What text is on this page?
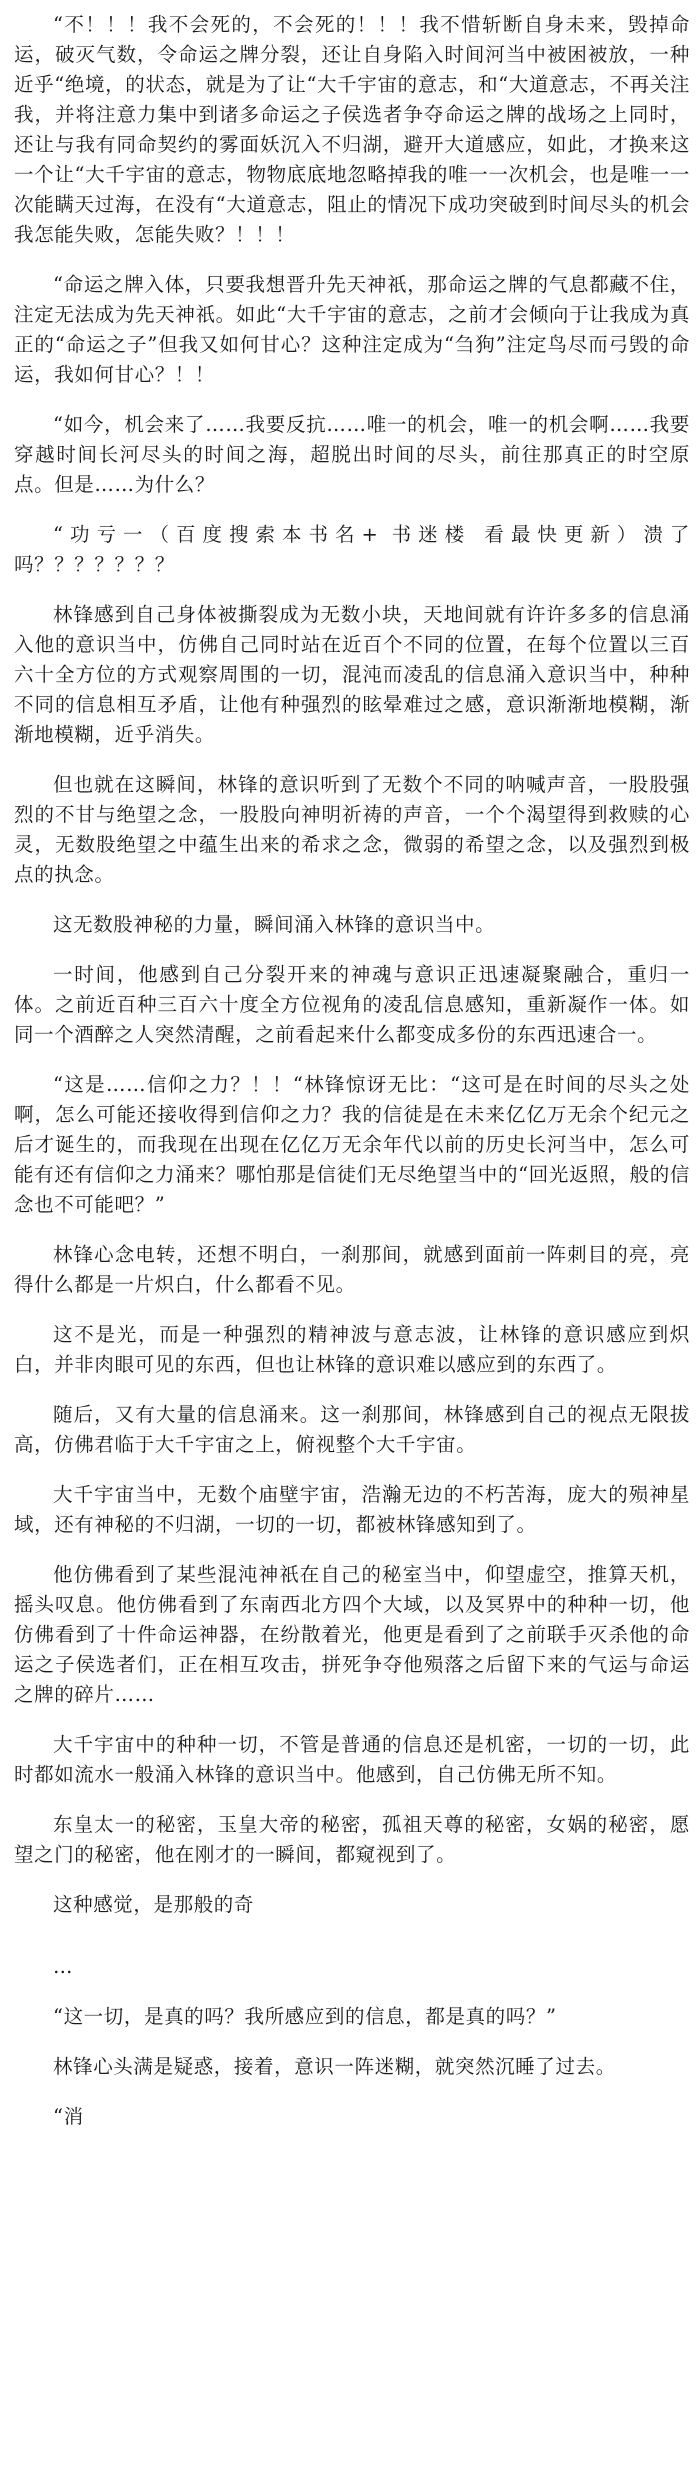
“不！！！我不会死的，不会死的！！！我不惜斩断自身未来，毁掉命运，破灭气数，令命运之牌分裂，还让自身陷入时间河当中被困被放，一种近乎“绝境，的状态，就是为了让“大千宇宙的意志，和“大道意志，不再关注我，并将注意力集中到诸多命运之子侯选者争夺命运之牌的战场之上同时，还让与我有同命契约的雾面妖沉入不归湖，避开大道感应，如此，才换来这一个让“大千宇宙的意志，物物底底地忽略掉我的唯一一次机会，也是唯一一次能瞒天过海，在没有“大道意志，阻止的情况下成功突破到时间尽头的机会我怎能失败，怎能失败？！！！

“命运之牌入体，只要我想晋升先天神祇，那命运之牌的气息都藏不住，注定无法成为先天神祇。如此“大千宇宙的意志，之前才会倾向于让我成为真正的“命运之子”但我又如何甘心？这种注定成为“刍狗”注定鸟尽而弓毁的命运，我如何甘心？！！

“如今，机会来了……我要反抗……唯一的机会，唯一的机会啊……我要穿越时间长河尽头的时间之海，超脱出时间的尽头，前往那真正的时空原点。但是……为什么？

“功亏一（百度搜索本书名+ 书迷楼 看最快更新）溃了吗？？？？？？？

林锋感到自己身体被撕裂成为无数小块，天地间就有许许多多的信息涌入他的意识当中，仿佛自己同时站在近百个不同的位置，在每个位置以三百六十全方位的方式观察周围的一切，混沌而凌乱的信息涌入意识当中，种种不同的信息相互矛盾，让他有种强烈的眩晕难过之感，意识渐渐地模糊，渐渐地模糊，近乎消失。

但也就在这瞬间，林锋的意识听到了无数个不同的呐喊声音，一股股强烈的不甘与绝望之念，一股股向神明祈祷的声音，一个个渴望得到救赎的心灵，无数股绝望之中蕴生出来的希求之念，微弱的希望之念，以及强烈到极点的执念。

这无数股神秘的力量，瞬间涌入林锋的意识当中。

一时间，他感到自己分裂开来的神魂与意识正迅速凝聚融合，重归一体。之前近百种三百六十度全方位视角的凌乱信息感知，重新凝作一体。如同一个酒醉之人突然清醒，之前看起来什么都变成多份的东西迅速合一。

“这是……信仰之力？！！“林锋惊讶无比：“这可是在时间的尽头之处啊，怎么可能还接收得到信仰之力？我的信徒是在未来亿亿万无余个纪元之后才诞生的，而我现在出现在亿亿万无余年代以前的历史长河当中，怎么可能有还有信仰之力涌来？哪怕那是信徒们无尽绝望当中的“回光返照，般的信念也不可能吧？”

林锋心念电转，还想不明白，一刹那间，就感到面前一阵刺目的亮，亮得什么都是一片炽白，什么都看不见。

这不是光，而是一种强烈的精神波与意志波，让林锋的意识感应到炽白，并非肉眼可见的东西，但也让林锋的意识难以感应到的东西了。

随后，又有大量的信息涌来。这一刹那间，林锋感到自己的视点无限拔高，仿佛君临于大千宇宙之上，俯视整个大千宇宙。

大千宇宙当中，无数个庙壁宇宙，浩瀚无边的不朽苦海，庞大的殒神星域，还有神秘的不归湖，一切的一切，都被林锋感知到了。

他仿佛看到了某些混沌神祇在自己的秘室当中，仰望虚空，推算天机，摇头叹息。他仿佛看到了东南西北方四个大域，以及冥界中的种种一切，他仿佛看到了十件命运神器，在纷散着光，他更是看到了之前联手灭杀他的命运之子侯选者们，正在相互攻击，拼死争夺他殒落之后留下来的气运与命运之牌的碎片……

大千宇宙中的种种一切，不管是普通的信息还是机密，一切的一切，此时都如流水一般涌入林锋的意识当中。他感到，自己仿佛无所不知。

东皇太一的秘密，玉皇大帝的秘密，孤祖天尊的秘密，女娲的秘密，愿望之门的秘密，他在刚才的一瞬间，都窥视到了。

这种感觉，是那般的奇

…

“这一切，是真的吗？我所感应到的信息，都是真的吗？”

林锋心头满是疑惑，接着，意识一阵迷糊，就突然沉睡了过去。

“消
